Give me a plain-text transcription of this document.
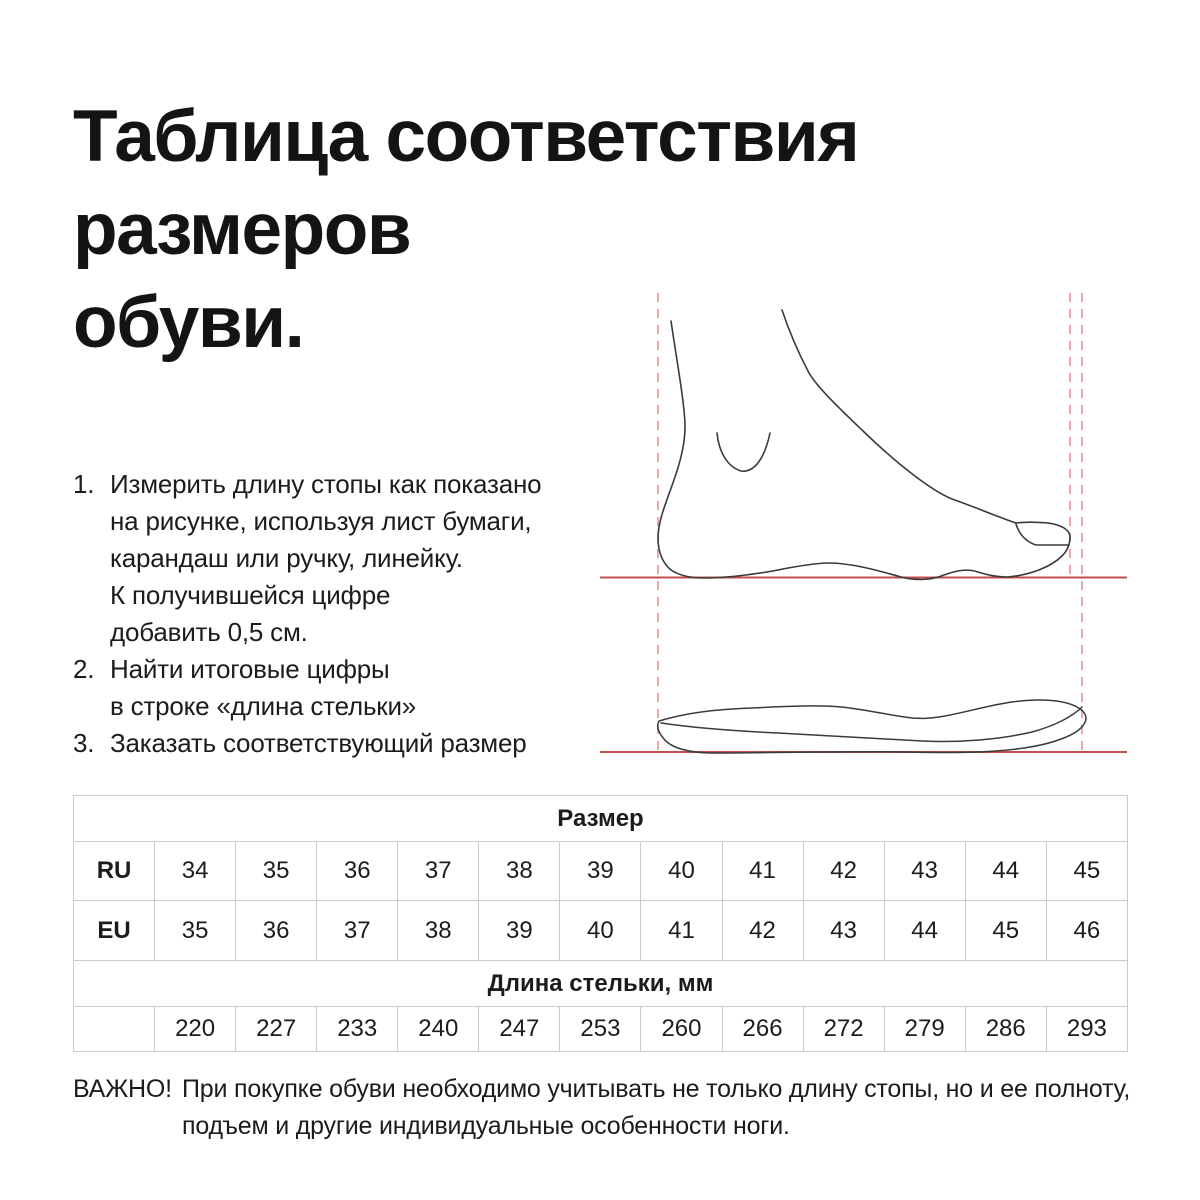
Таблица соответствия
размеров
обуви.
1. Измерить длину стопы как показано
на рисунке, используя лист бумаги,
карандаш или ручку, линейку.
К получившейся цифре
добавить 0,5 см.
2. Найти итоговые цифры
в строке «длина стельки»
3. Заказать соответствующий размер
Размер												
RU	34	35	36	37	38	39	40	41	42	43	44	45
EU	35	36	37	38	39	40	41	42	43	44	45	46
Длина стельки, мм												
	220	227	233	240	247	253	260	266	272	279	286	293
ВАЖНО! При покупке обуви необходимо учитывать не только длину стопы, но и ее полноту,
подъем и другие индивидуальные особенности ноги.
